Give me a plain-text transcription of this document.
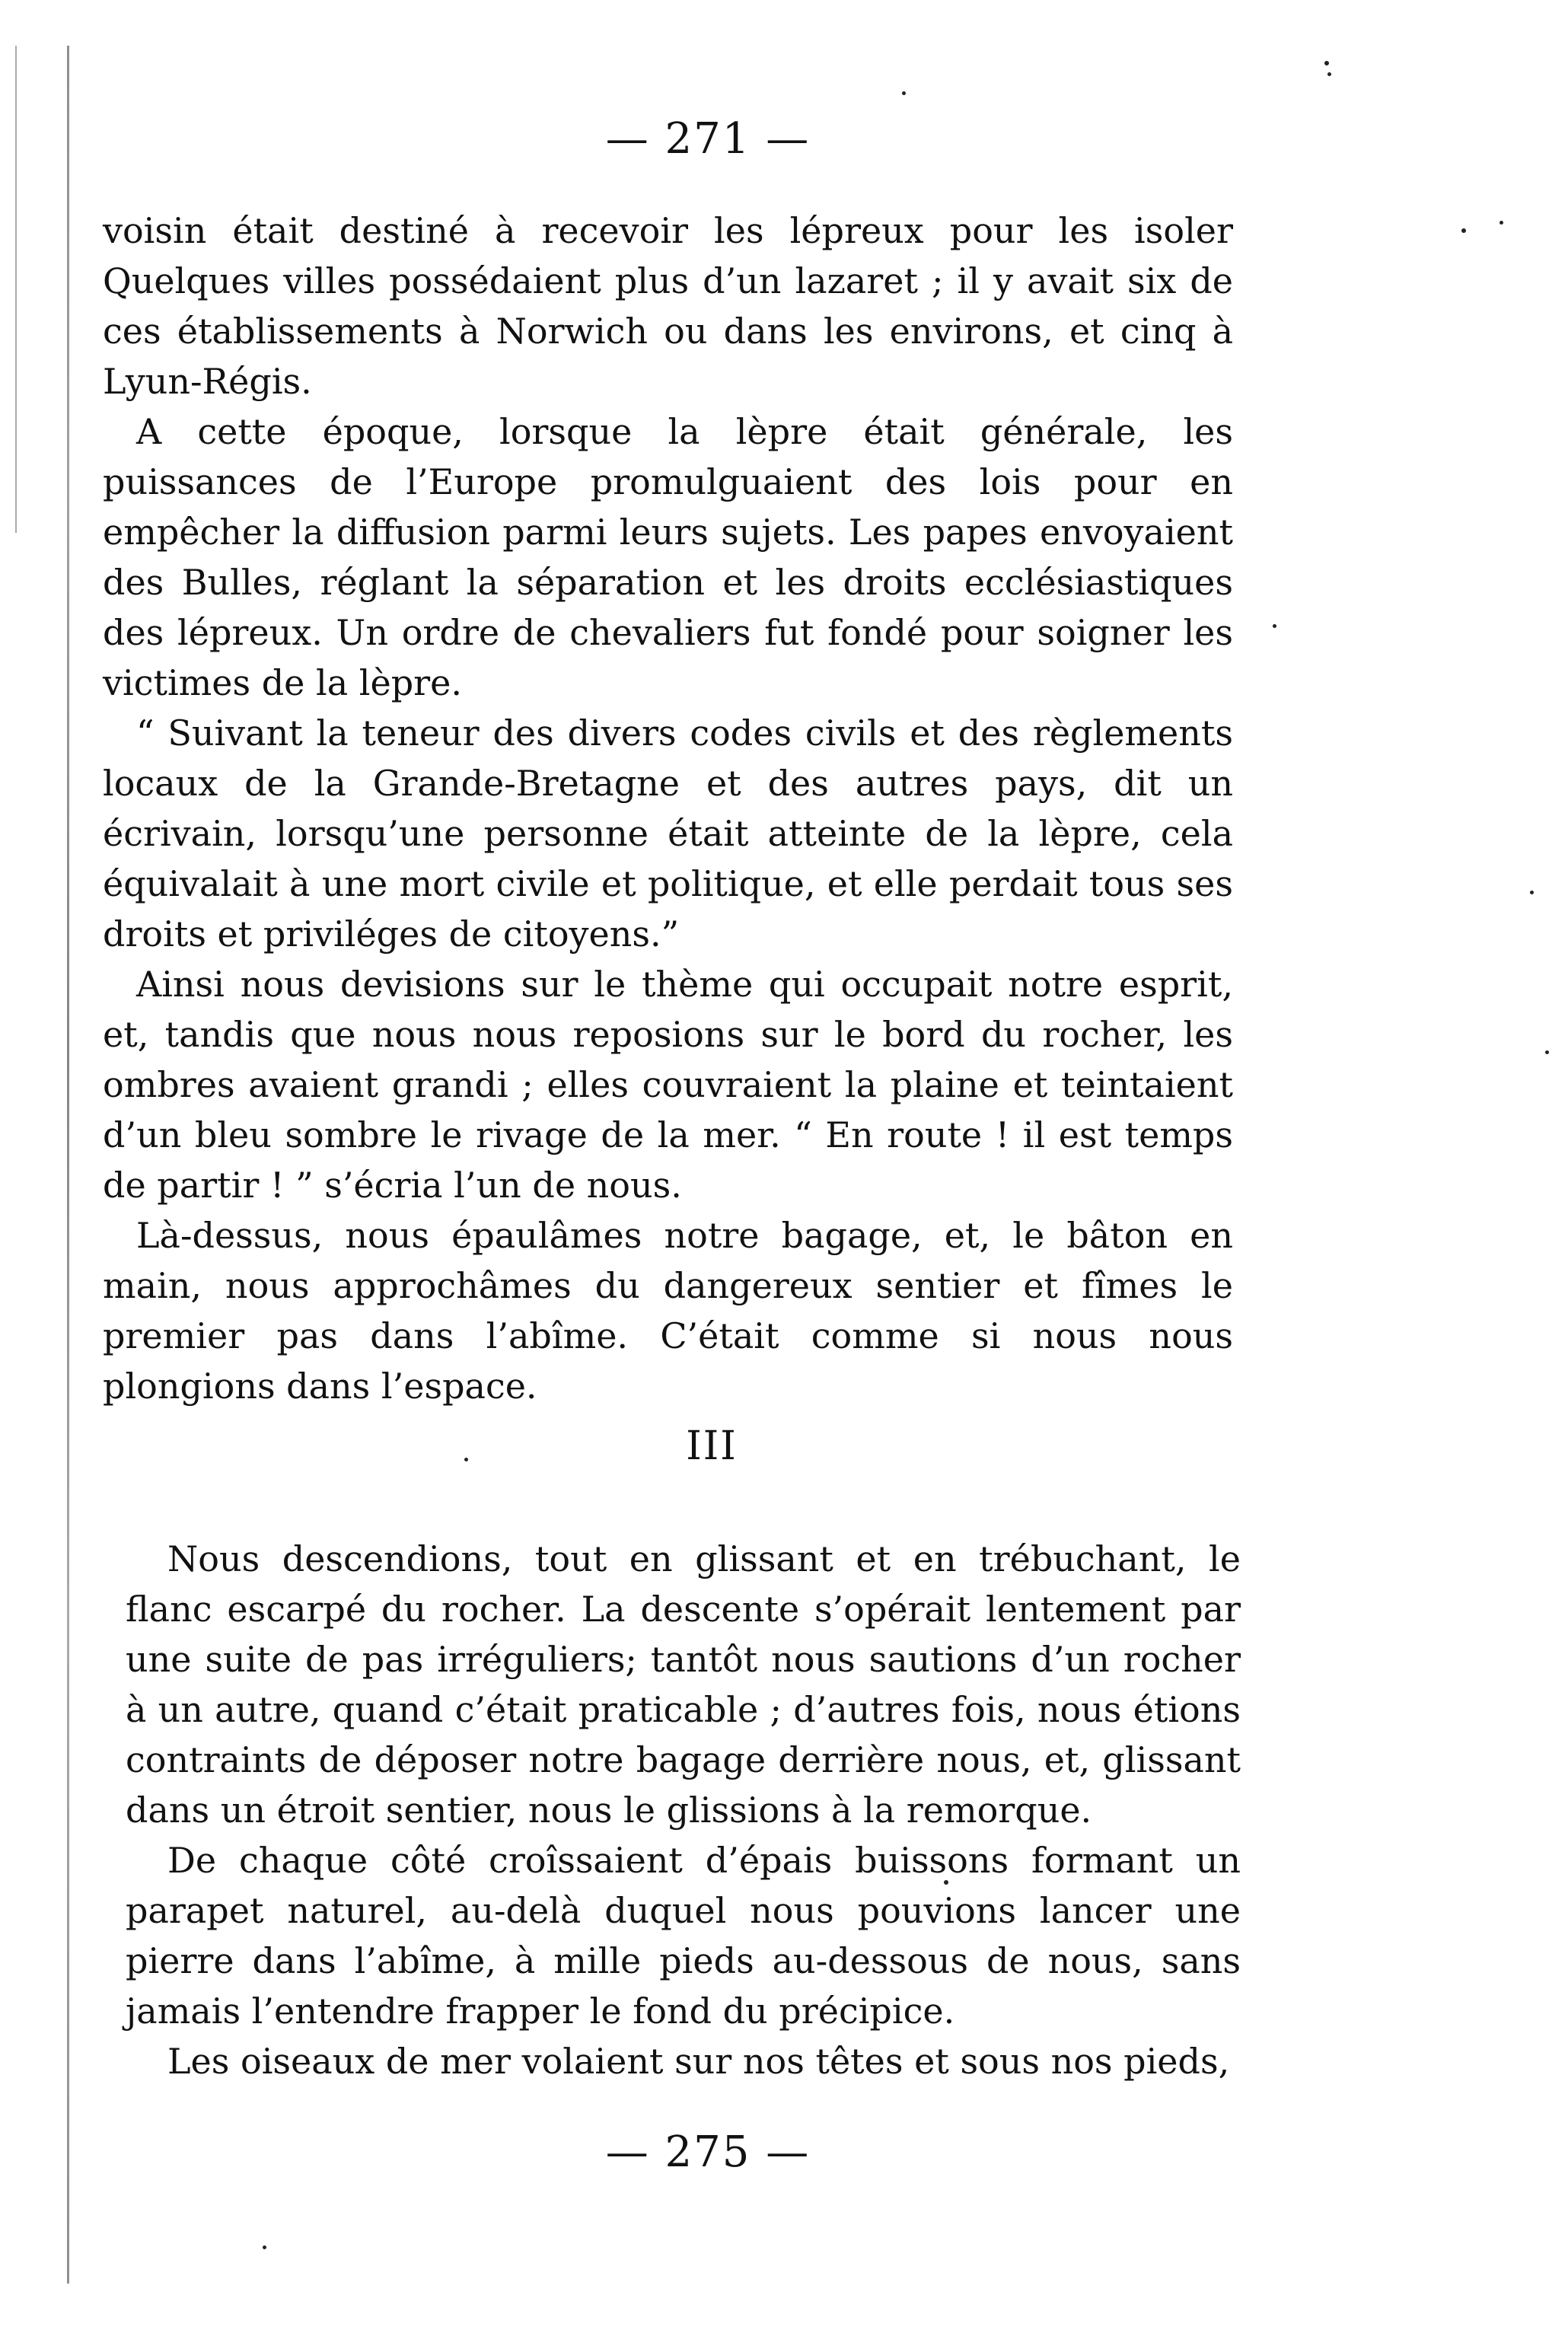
— 271 —

voisin était destiné à recevoir les lépreux pour les isoler Quelques villes possédaient plus d’un lazaret ; il y avait six de ces établissements à Norwich ou dans les environs, et cinq à Lyun-Régis.

A cette époque, lorsque la lèpre était générale, les puissances de l’Europe promulguaient des lois pour en empêcher la diffusion parmi leurs sujets. Les papes envoyaient des Bulles, réglant la séparation et les droits ecclésiastiques des lépreux. Un ordre de chevaliers fut fondé pour soigner les victimes de la lèpre.

“ Suivant la teneur des divers codes civils et des règlements locaux de la Grande-Bretagne et des autres pays, dit un écrivain, lorsqu’une personne était atteinte de la lèpre, cela équivalait à une mort civile et politique, et elle perdait tous ses droits et priviléges de citoyens.”

Ainsi nous devisions sur le thème qui occupait notre esprit, et, tandis que nous nous reposions sur le bord du rocher, les ombres avaient grandi ; elles couvraient la plaine et teintaient d’un bleu sombre le rivage de la mer. “ En route ! il est temps de partir ! ” s’écria l’un de nous.

Là-dessus, nous épaulâmes notre bagage, et, le bâton en main, nous approchâmes du dangereux sentier et fîmes le premier pas dans l’abîme. C’était comme si nous nous plongions dans l’espace.

III

Nous descendions, tout en glissant et en trébuchant, le flanc escarpé du rocher. La descente s’opérait lentement par une suite de pas irréguliers; tantôt nous sautions d’un rocher à un autre, quand c’était praticable ; d’autres fois, nous étions contraints de déposer notre bagage derrière nous, et, glissant dans un étroit sentier, nous le glissions à la remorque.

De chaque côté croîssaient d’épais buissons formant un parapet naturel, au-delà duquel nous pouvions lancer une pierre dans l’abîme, à mille pieds au-dessous de nous, sans jamais l’entendre frapper le fond du précipice.

Les oiseaux de mer volaient sur nos têtes et sous nos pieds,

— 275 —
